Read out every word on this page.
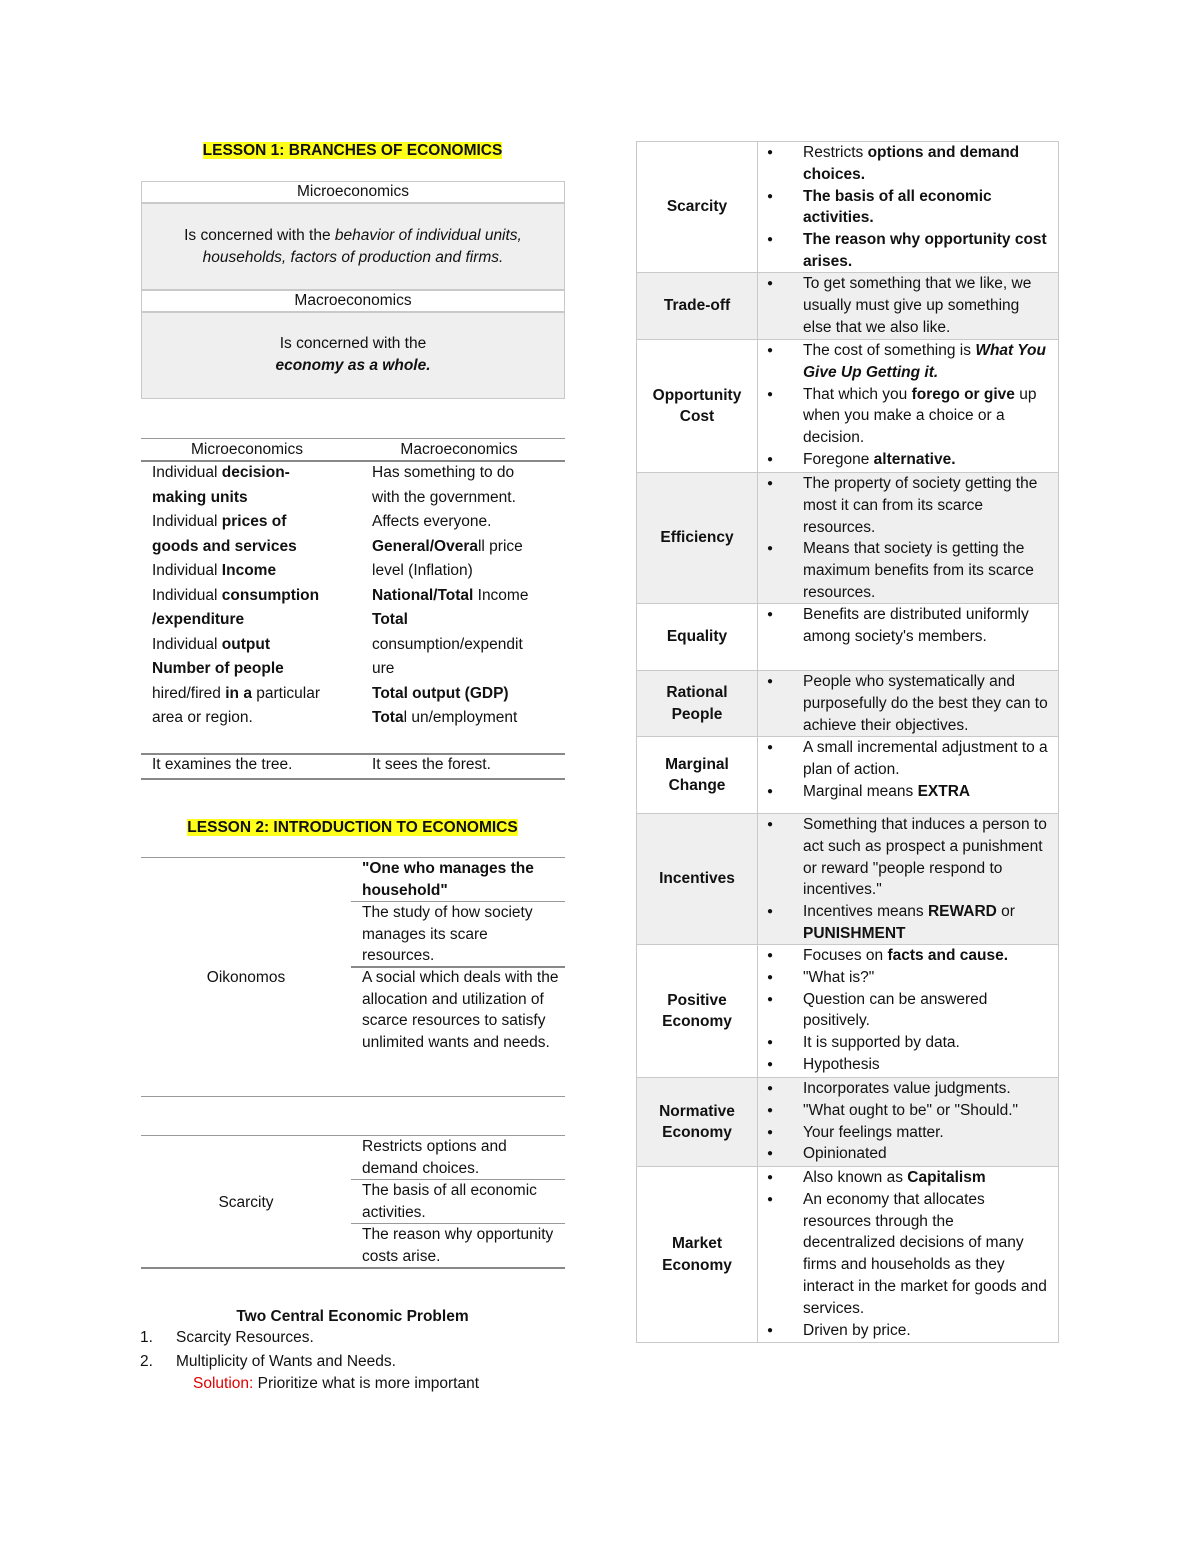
LESSON 1: BRANCHES OF ECONOMICS
Microeconomics
Is concerned with the behavior of individual units,
households, factors of production and firms.
Macroeconomics
Is concerned with the
economy as a whole.
Microeconomics	Macroeconomics
Individual decision-
making units
Individual prices of
goods and services
Individual Income
Individual consumption
/expenditure
Individual output
Number of people
hired/fired in a particular
area or region.
Has something to do
with the government.
Affects everyone.
General/Overall price
level (Inflation)
National/Total Income
Total
consumption/expendit
ure
Total output (GDP)
Total un/employment
It examines the tree.	It sees the forest.
LESSON 2: INTRODUCTION TO ECONOMICS
Oikonomos
"One who manages the household"
The study of how society manages its scare resources.
A social which deals with the allocation and utilization of scarce resources to satisfy unlimited wants and needs.
Scarcity
Restricts options and demand choices.
The basis of all economic activities.
The reason why opportunity costs arise.
Two Central Economic Problem
1. Scarcity Resources.
2. Multiplicity of Wants and Needs.
Solution: Prioritize what is more important
Scarcity
● Restricts options and demand choices.
● The basis of all economic activities.
● The reason why opportunity cost arises.
Trade-off
● To get something that we like, we usually must give up something else that we also like.
Opportunity Cost
● The cost of something is What You Give Up Getting it.
● That which you forego or give up when you make a choice or a decision.
● Foregone alternative.
Efficiency
● The property of society getting the most it can from its scarce resources.
● Means that society is getting the maximum benefits from its scarce resources.
Equality
● Benefits are distributed uniformly among society's members.
Rational People
● People who systematically and purposefully do the best they can to achieve their objectives.
Marginal Change
● A small incremental adjustment to a plan of action.
● Marginal means EXTRA
Incentives
● Something that induces a person to act such as prospect a punishment or reward "people respond to incentives."
● Incentives means REWARD or PUNISHMENT
Positive Economy
● Focuses on facts and cause.
● "What is?"
● Question can be answered positively.
● It is supported by data.
● Hypothesis
Normative Economy
● Incorporates value judgments.
● "What ought to be" or "Should."
● Your feelings matter.
● Opinionated
Market Economy
● Also known as Capitalism
● An economy that allocates resources through the decentralized decisions of many firms and households as they interact in the market for goods and services.
● Driven by price.
